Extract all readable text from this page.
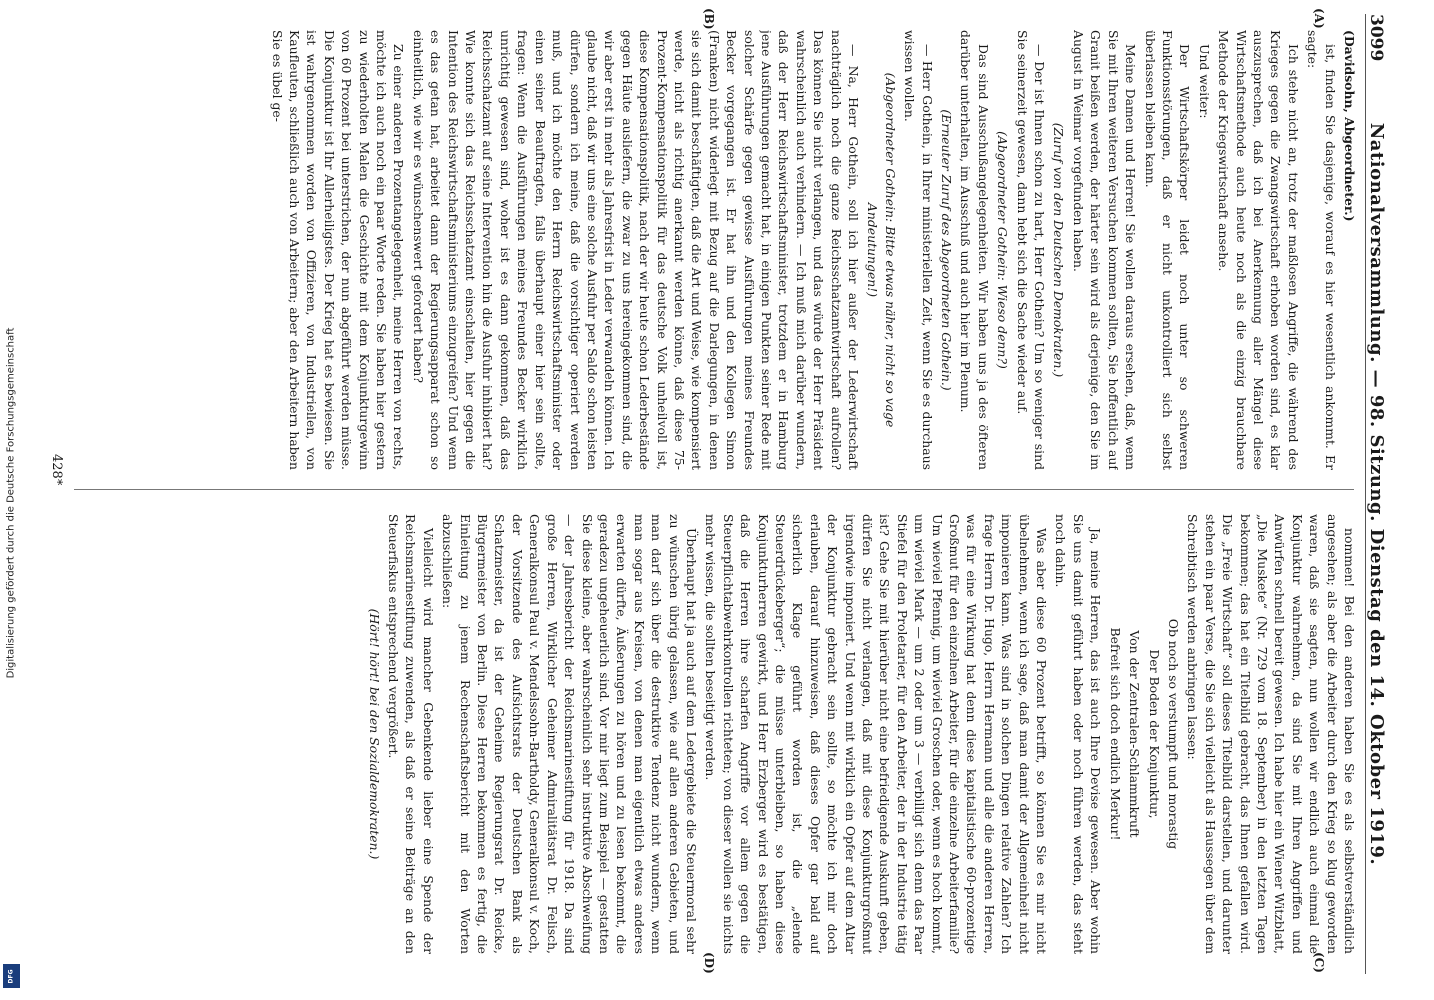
Digitalisierung gefördert durch die Deutsche Forschungsgemeinschaft
DFG
3099
Nationalversammlung. — 98. Sitzung. Dienstag den 14. Oktober 1919.
(A)
(B)
(C)
(D)

(Davidsohn, Abgeordneter.)

ist, finden Sie dasjenige, worauf es hier wesentlich ankommt. Er sagte:

Ich stehe nicht an, trotz der maßlosen Angriffe, die während des Krieges gegen die Zwangswirtschaft erhoben worden sind, es klar auszusprechen, daß ich bei Anerkennung aller Mängel diese Wirtschaftsmethode auch heute noch als die einzig brauchbare Methode der Kriegswirtschaft ansehe.

Und weiter:

Der Wirtschaftskörper leidet noch unter so schweren Funktionsstörungen, daß er nicht unkontrolliert sich selbst überlassen bleiben kann.

Meine Damen und Herren! Sie wollen daraus ersehen, daß, wenn Sie mit Ihren weiteren Versuchen kommen sollten, Sie hoffentlich auf Granit beißen werden, der härter sein wird als derjenige, den Sie im August in Weimar vorgefunden haben.

(Zuruf von den Deutschen Demokraten.)

— Der ist Ihnen schon zu hart, Herr Gothein? Um so weniger sind Sie seinerzeit gewesen, dann hebt sich die Sache wieder auf.

(Abgeordneter Gothein: Wieso denn?)

Das sind Ausschußangelegenheiten. Wir haben uns ja des öfteren darüber unterhalten, im Ausschuß und auch hier im Plenum.

(Erneuter Zuruf des Abgeordneten Gothein.)

— Herr Gothein, in Ihrer ministeriellen Zeit, wenn Sie es durchaus wissen wollen.

(Abgeordneter Gothein: Bitte etwas näher, nicht so vage Andeutungen!)

— Na, Herr Gothein, soll ich hier außer der Lederwirtschaft nachträglich noch die ganze Reichsschatzamtwirtschaft aufrollen? Das können Sie nicht verlangen, und das würde der Herr Präsident wahrscheinlich auch verhindern. — Ich muß mich darüber wundern, daß der Herr Reichswirtschaftsminister, trotzdem er in Hamburg jene Ausführungen gemacht hat, in einigen Punkten seiner Rede mit solcher Schärfe gegen gewisse Ausführungen meines Freundes Becker vorgegangen ist. Er hat ihn und den Kollegen Simon (Franken) nicht widerlegt mit Bezug auf die Darlegungen, in denen sie sich damit beschäftigten, daß die Art und Weise, wie kompensiert werde, nicht als richtig anerkannt werden könne, daß diese 75-Prozent-Kompensationspolitik für das deutsche Volk unheilvoll ist, diese Kompensationspolitik, nach der wir heute schon Lederbestände gegen Häute ausliefern, die zwar zu uns hereingekommen sind, die wir aber erst in mehr als Jahresfrist in Leder verwandeln können. Ich glaube nicht, daß wir uns eine solche Ausfuhr per Saldo schon leisten dürfen, sondern ich meine, daß die vorsichtiger operiert werden muß, und ich möchte den Herrn Reichswirtschaftsminister oder einen seiner Beauftragten, falls überhaupt einer hier sein sollte, fragen: Wenn die Ausführungen meines Freundes Becker wirklich unrichtig gewesen sind, woher ist es dann gekommen, daß das Reichsschatzamt auf seine Intervention hin die Ausfuhr inhibiert hat? Wie konnte sich das Reichsschatzamt einschalten, hier gegen die Intention des Reichswirtschaftsministeriums einzugreifen? Und wenn es das getan hat, arbeitet dann der Regierungsapparat schon so einheitlich, wie wir es wünschenswert gefordert haben?

Zu einer anderen Prozentangelegenheit, meine Herren von rechts, möchte ich auch noch ein paar Worte reden. Sie haben hier gestern zu wiederholten Malen die Geschichte mit dem Konjunkturgewinn von 60 Prozent bei unterstrichen, der nun abgeführt werden müsse. Die Konjunktur ist Ihr Allerheiligstes. Der Krieg hat es bewiesen. Sie ist wahrgenommen worden von Offizieren, von Industriellen, von Kaufleuten, schließlich auch von Arbeitern; aber den Arbeitern haben Sie es übel ge-

nommen! Bei den anderen haben Sie es als selbstverständlich angesehen; als aber die Arbeiter durch den Krieg so klug geworden waren, daß sie sagten, nun wollen wir endlich auch einmal die Konjunktur wahrnehmen, da sind Sie mit Ihren Angriffen und Anwürfen schnell bereit gewesen. Ich habe hier ein Wiener Witzblatt, „Die Muskete“ (Nr. 729 vom 18. September) in den letzten Tagen bekommen; das hat ein Titelbild gebracht, das Ihnen gefallen wird. Die „Freie Wirtschaft“ soll dieses Titelbild darstellen, und darunter stehen ein paar Verse, die Sie sich vielleicht als Haussegen über dem Schreibtisch werden anbringen lassen:

Ob noch so verstumpft und morastig

Der Boden der Konjunktur,

Von der Zentralen-Schlammkruft

Befreit sich doch endlich Merkur!

Ja, meine Herren, das ist auch Ihre Devise gewesen. Aber wohin Sie uns damit geführt haben oder noch führen werden, das steht noch dahin.

Was aber diese 60 Prozent betrifft, so können Sie es mir nicht übelnehmen, wenn ich sage, daß man damit der Allgemeinheit nicht imponieren kann. Was sind in solchen Dingen relative Zahlen? Ich frage Herrn Dr. Hugo, Herrn Hermann und alle die anderen Herren, was für eine Wirkung hat denn diese kapitalistische 60-prozentige Großmut für den einzelnen Arbeiter, für die einzelne Arbeiterfamilie? Um wieviel Pfennig, um wieviel Groschen oder, wenn es hoch kommt, um wieviel Mark — um 2 oder um 3 — verbilligt sich denn das Paar Stiefel für den Proletarier, für den Arbeiter, der in der Industrie tätig ist? Gehe Sie mit hierüber nicht eine befriedigende Auskunft geben, dürfen Sie nicht verlangen, daß mit diese Konjunkturgroßmut irgendwie imponiert. Und wenn mit wirklich ein Opfer auf dem Altar der Konjunktur gebracht sein sollte, so möchte ich mir doch erlauben, darauf hinzuweisen, daß dieses Opfer gar bald auf sicherlich Klage geführt worden ist, die „elende Steuerdrückeberger“; die müsse unterbleiben, so haben diese Konjunkturherren gewirkt, und Herr Erzberger wird es bestätigen, daß die Herren ihre scharfen Angriffe vor allem gegen die Steuerpflichtabwehrkontrollen richteten; von dieser wollen sie nichts mehr wissen, die sollten beseitigt werden.

Überhaupt hat ja auch auf dem Ledergebiete die Steuermoral sehr zu wünschen übrig gelassen, wie auf allen anderen Gebieten, und man darf sich über die destruktive Tendenz nicht wundern, wenn man sogar aus Kreisen, von denen man eigentlich etwas anderes erwarten dürfte, Äußerungen zu hören und zu lesen bekommt, die geradezu ungeheuerlich sind. Vor mir liegt zum Beispiel — gestatten Sie diese kleine, aber wahrscheinlich sehr instruktive Abschweifung — der Jahresbericht der Reichsmarinestiftung für 1918. Da sind große Herren, Wirklicher Geheimer Admiralitätsrat Dr. Felisch, Generalkonsul Paul v. Mendelssohn-Bartholdy, Generalkonsul v. Koch, der Vorsitzende des Aufsichtsrats der Deutschen Bank als Schatzmeister, da ist der Geheime Regierungsrat Dr. Reicke, Bürgermeister von Berlin. Diese Herren bekommen es fertig, die Einleitung zu jenem Rechenschaftsbericht mit den Worten abzuschließen:

Vielleicht wird mancher Gebenkende lieber eine Spende der Reichsmarinestiftung zuwenden, als daß er seine Beiträge an den Steuerfiskus entsprechend vergrößert.

(Hört! hört! bei den Sozialdemokraten.)

428*
